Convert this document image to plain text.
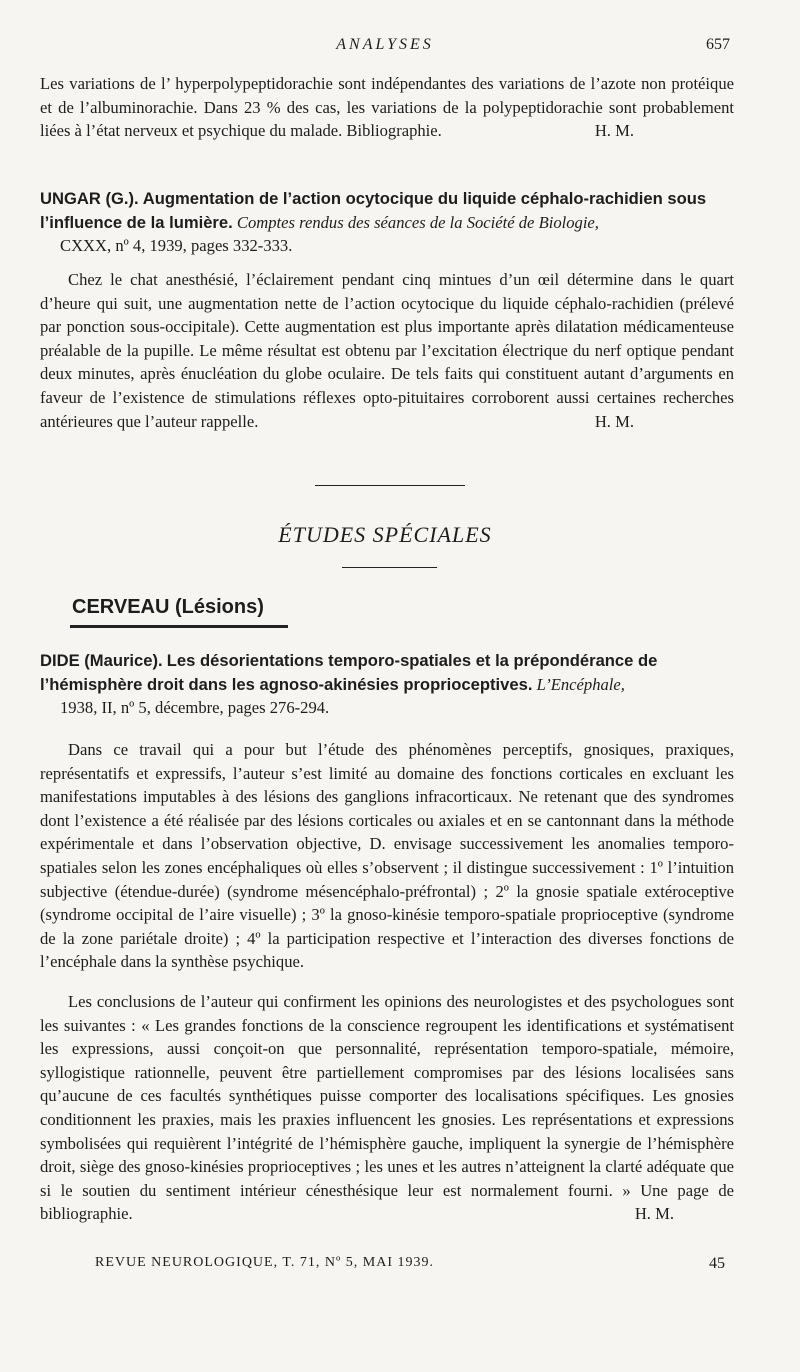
ANALYSES	657

Les variations de l’ hyperpolypeptidorachie sont indépendantes des variations de l’azote non protéique et de l’albuminorachie. Dans 23 % des cas, les variations de la polypeptidorachie sont probablement liées à l’état nerveux et psychique du malade. Bibliographie.	H. M.

UNGAR (G.). Augmentation de l’action ocytocique du liquide céphalo-rachidien sous l’influence de la lumière. Comptes rendus des séances de la Société de Biologie,
CXXX, nº 4, 1939, pages 332-333.

Chez le chat anesthésié, l’éclairement pendant cinq mintues d’un œil détermine dans le quart d’heure qui suit, une augmentation nette de l’action ocytocique du liquide céphalo-rachidien (prélevé par ponction sous-occipitale). Cette augmentation est plus importante après dilatation médicamenteuse préalable de la pupille. Le même résultat est obtenu par l’excitation électrique du nerf optique pendant deux minutes, après énucléation du globe oculaire. De tels faits qui constituent autant d’arguments en faveur de l’existence de stimulations réflexes opto-pituitaires corroborent aussi certaines recherches antérieures que l’auteur rappelle.	H. M.

ÉTUDES SPÉCIALES
CERVEAU (Lésions)
DIDE (Maurice). Les désorientations temporo-spatiales et la prépondérance de l’hémisphère droit dans les agnoso-akinésies proprioceptives. L’Encéphale,
1938, II, nº 5, décembre, pages 276-294.

Dans ce travail qui a pour but l’étude des phénomènes perceptifs, gnosiques, praxiques, représentatifs et expressifs, l’auteur s’est limité au domaine des fonctions corticales en excluant les manifestations imputables à des lésions des ganglions infracorticaux. Ne retenant que des syndromes dont l’existence a été réalisée par des lésions corticales ou axiales et en se cantonnant dans la méthode expérimentale et dans l’observation objective, D. envisage successivement les anomalies temporo-spatiales selon les zones encéphaliques où elles s’observent ; il distingue successivement : 1º l’intuition subjective (étendue-durée) (syndrome mésencéphalo-préfrontal) ; 2º la gnosie spatiale extéroceptive (syndrome occipital de l’aire visuelle) ; 3º la gnoso-kinésie temporo-spatiale proprioceptive (syndrome de la zone pariétale droite) ; 4º la participation respective et l’interaction des diverses fonctions de l’encéphale dans la synthèse psychique.

Les conclusions de l’auteur qui confirment les opinions des neurologistes et des psychologues sont les suivantes : « Les grandes fonctions de la conscience regroupent les identifications et systématisent les expressions, aussi conçoit-on que personnalité, représentation temporo-spatiale, mémoire, syllogistique rationnelle, peuvent être partiellement compromises par des lésions localisées sans qu’aucune de ces facultés synthétiques puisse comporter des localisations spécifiques. Les gnosies conditionnent les praxies, mais les praxies influencent les gnosies. Les représentations et expressions symbolisées qui requièrent l’intégrité de l’hémisphère gauche, impliquent la synergie de l’hémisphère droit, siège des gnoso-kinésies proprioceptives ; les unes et les autres n’atteignent la clarté adéquate que si le soutien du sentiment intérieur cénesthésique leur est normalement fourni. » Une page de bibliographie.	H. M.

REVUE NEUROLOGIQUE, T. 71, Nº 5, MAI 1939.	45
